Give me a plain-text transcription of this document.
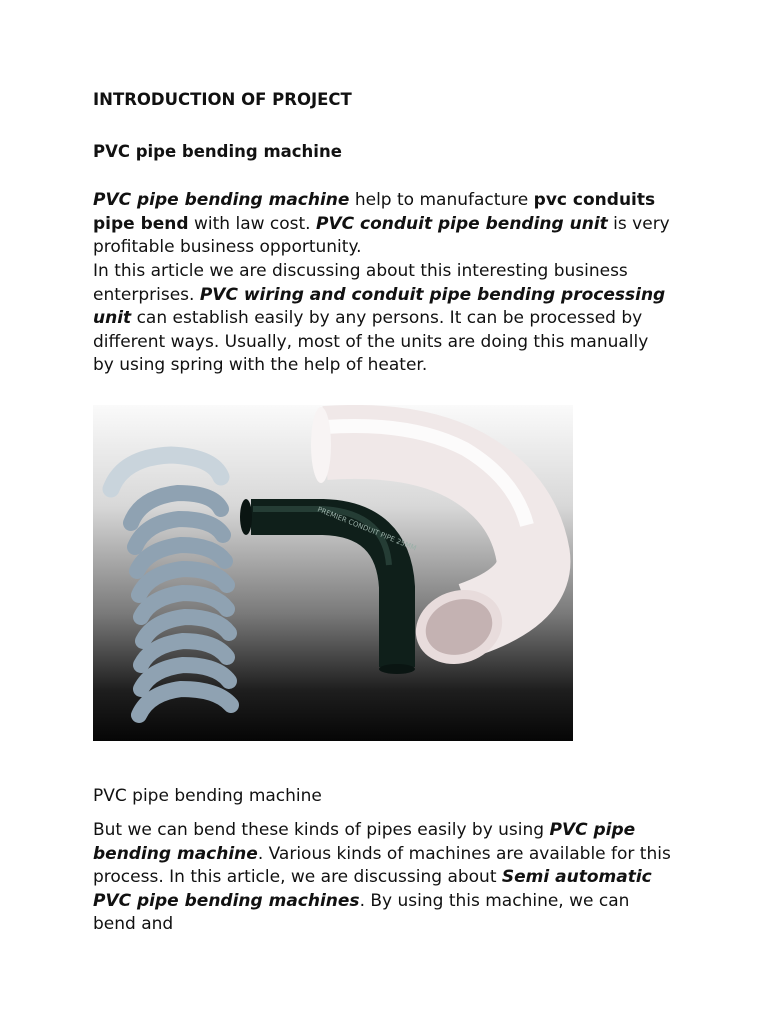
INTRODUCTION OF PROJECT
PVC pipe bending machine

PVC pipe bending machine help to manufacture pvc conduits pipe bend with law cost. PVC conduit pipe bending unit is very profitable business opportunity.

In this article we are discussing about this interesting business enterprises. PVC wiring and conduit pipe bending processing unit can establish easily by any persons. It can be processed by different ways. Usually, most of the units are doing this manually by using spring with the help of heater.

PREMIER CONDUIT PIPE 25MM
PVC pipe bending machine

But we can bend these kinds of pipes easily by using PVC pipe bending machine. Various kinds of machines are available for this process. In this article, we are discussing about Semi automatic PVC pipe bending machines. By using this machine, we can bend and
